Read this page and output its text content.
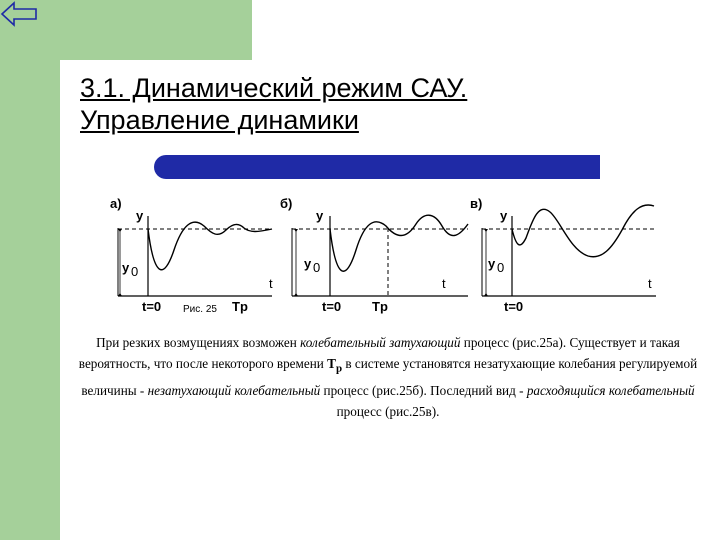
3.1. Динамический режим САУ.
Управление динамики
а)
y
y 0
t
t=0	Tр
б)
y
y 0
t
t=0 Tр
в)
y
y 0
t
t=0
Рис. 25

При резких возмущениях возможен колебательный затухающий процесс (рис.25а). Существует и такая вероятность, что после некоторого времени $Т_р$ в системе установятся незатухающие колебания регулируемой величины - незатухающий колебательный процесс (рис.25б). Последний вид - расходящийся колебательный процесс (рис.25в).
